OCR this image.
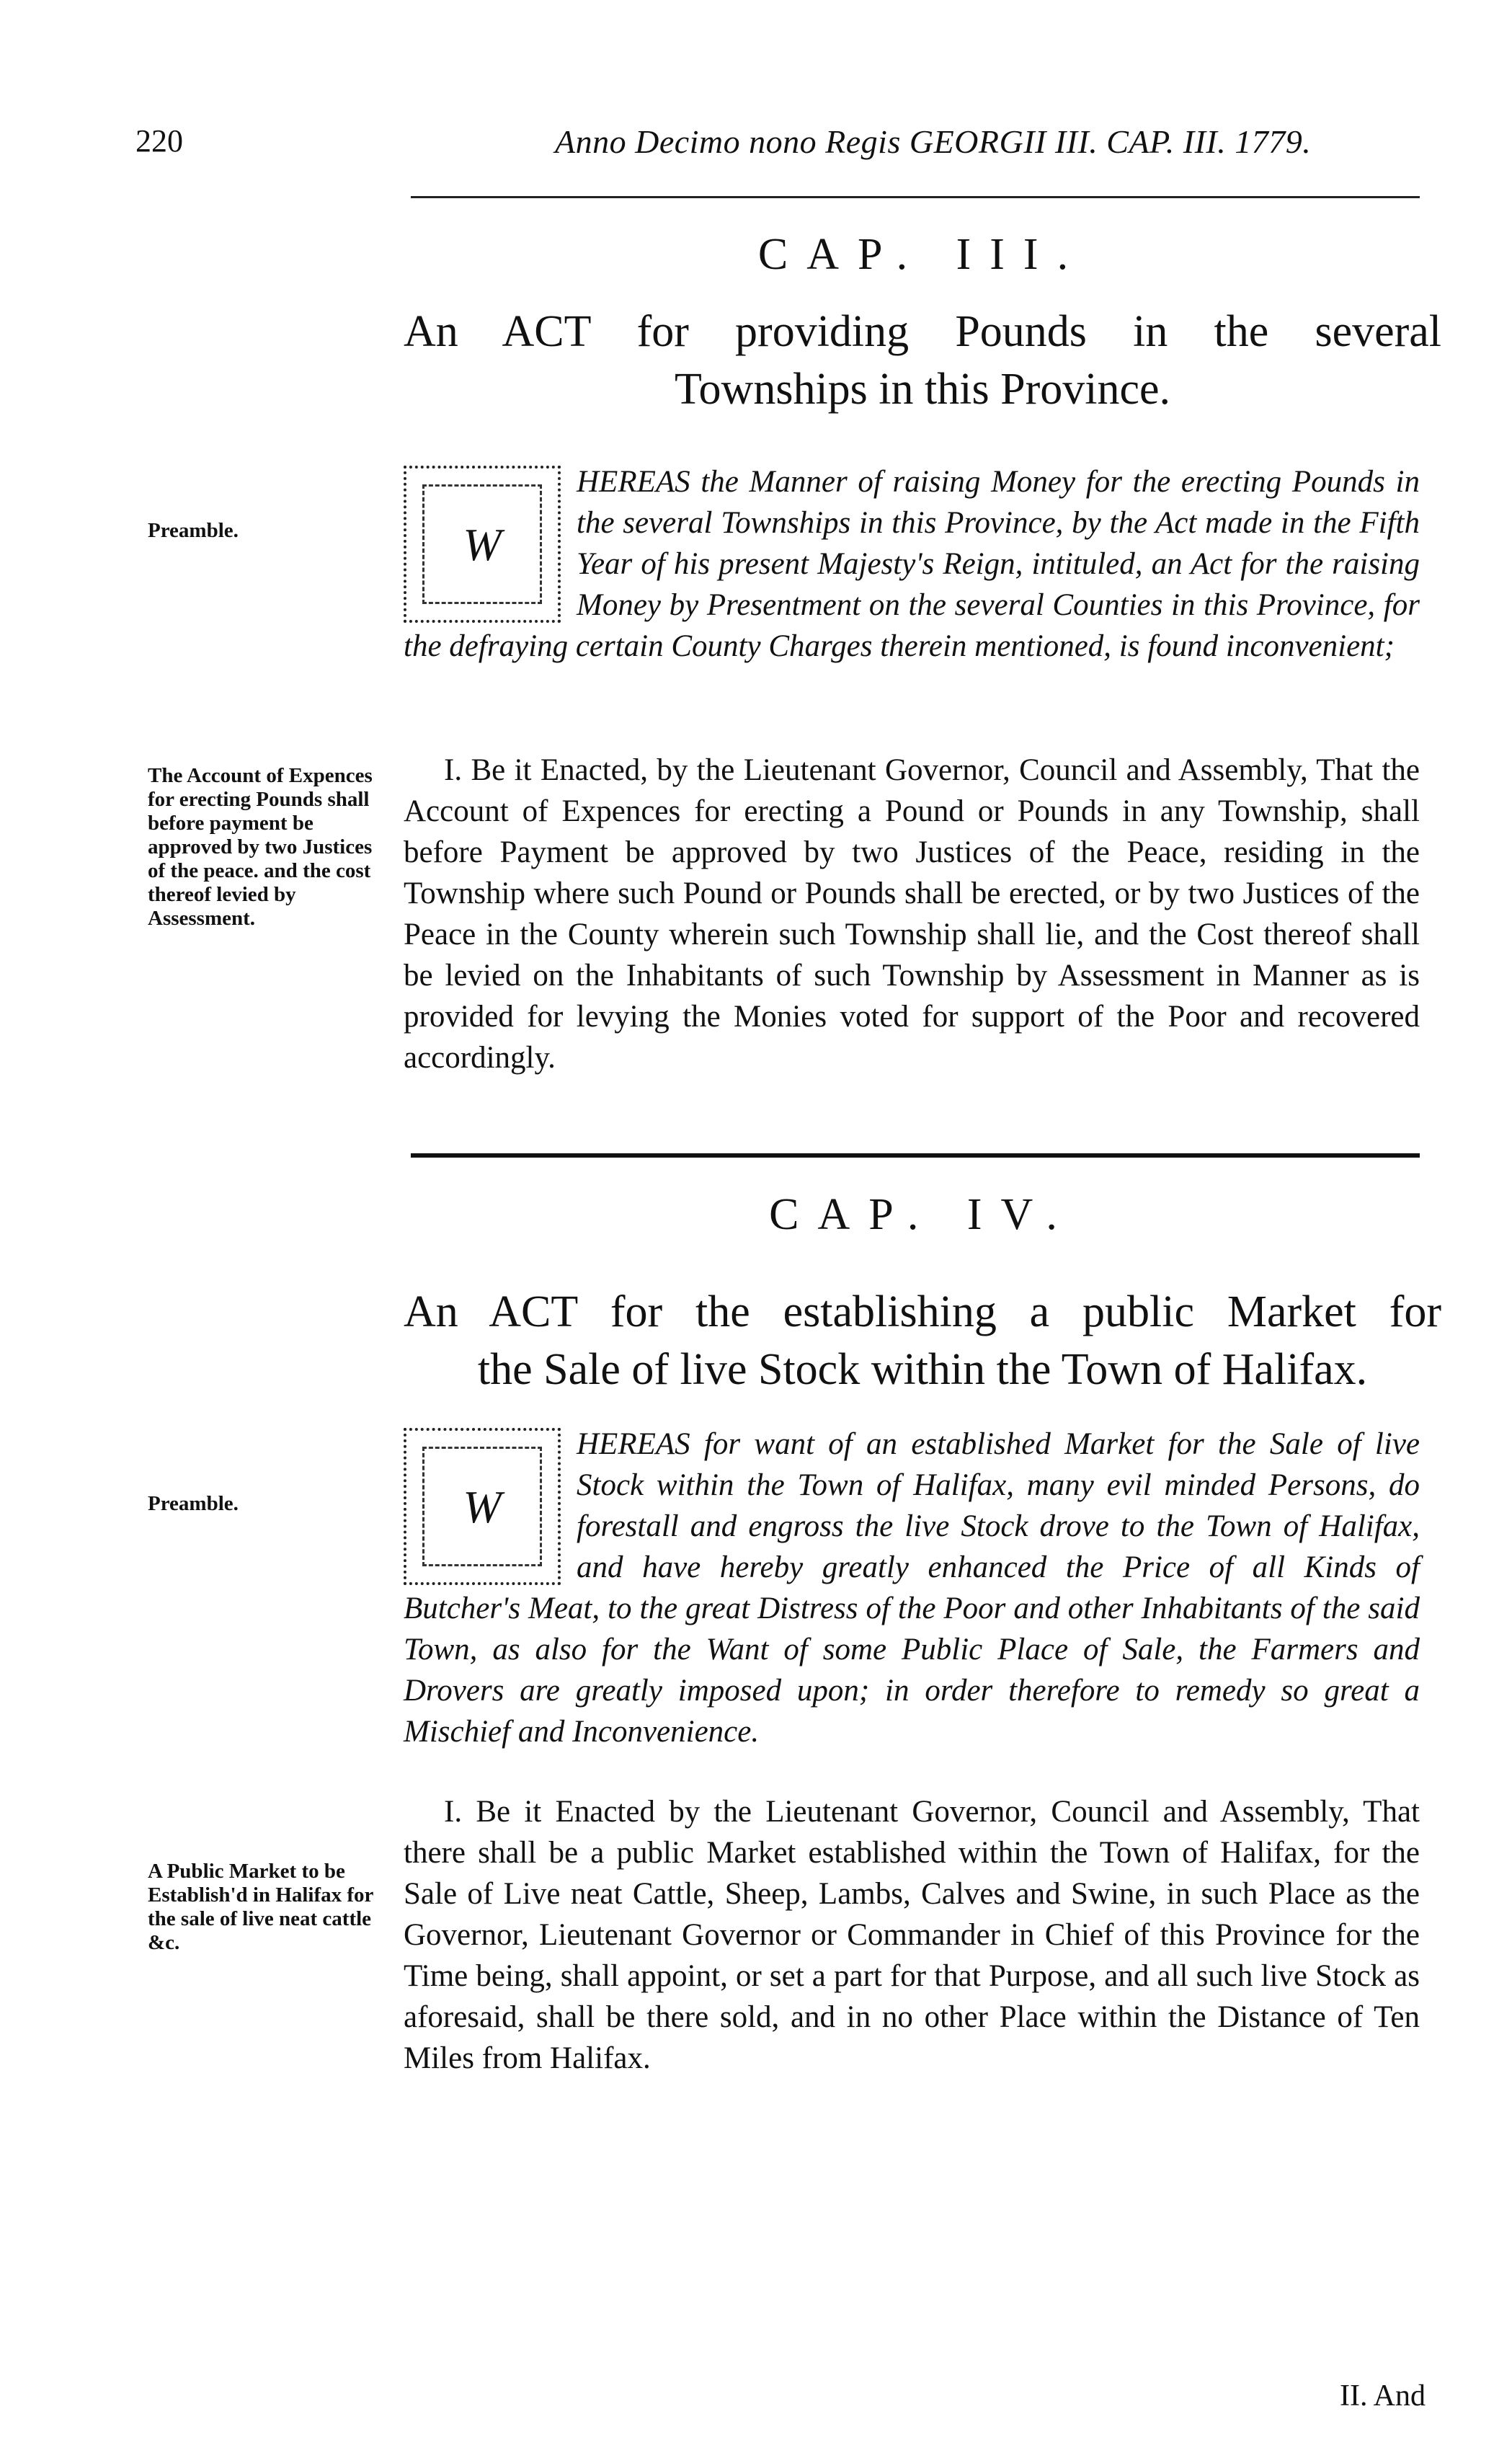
220	Anno Decimo nono Regis GEORGII III. CAP. III. 1779.
CAP. III.
An ACT for providing Pounds in the several
Townships in this Province.
Preamble.	W
HEREAS the Manner of raising Money for the erecting Pounds in the several Townships in this Province, by the Act made in the Fifth Year of his present Majesty's Reign, intituled, an Act for the raising Money by Presentment on the several Counties in this Province, for the defraying certain County Charges therein mentioned, is found inconvenient;
The Account of Expences for erecting Pounds shall before payment be approved by two Justices of the peace. and the cost thereof levied by Assessment.
I. Be it Enacted, by the Lieutenant Governor, Council and Assembly, That the Account of Expences for erecting a Pound or Pounds in any Township, shall before Payment be approved by two Justices of the Peace, residing in the Township where such Pound or Pounds shall be erected, or by two Justices of the Peace in the County wherein such Township shall lie, and the Cost thereof shall be levied on the Inhabitants of such Township by Assessment in Manner as is provided for levying the Monies voted for support of the Poor and recovered accordingly.
CAP. IV.
An ACT for the establishing a public Market for
the Sale of live Stock within the Town of Halifax.
Preamble.	W
HEREAS for want of an established Market for the Sale of live Stock within the Town of Halifax, many evil minded Persons, do forestall and engross the live Stock drove to the Town of Halifax, and have hereby greatly enhanced the Price of all Kinds of Butcher's Meat, to the great Distress of the Poor and other Inhabitants of the said Town, as also for the Want of some Public Place of Sale, the Farmers and Drovers are greatly imposed upon; in order therefore to remedy so great a Mischief and Inconvenience.
A Public Market to be Establish'd in Halifax for the sale of live neat cattle &c.
I. Be it Enacted by the Lieutenant Governor, Council and Assembly, That there shall be a public Market established within the Town of Halifax, for the Sale of Live neat Cattle, Sheep, Lambs, Calves and Swine, in such Place as the Governor, Lieutenant Governor or Commander in Chief of this Province for the Time being, shall appoint, or set a part for that Purpose, and all such live Stock as aforesaid, shall be there sold, and in no other Place within the Distance of Ten Miles from Halifax.
II. And
